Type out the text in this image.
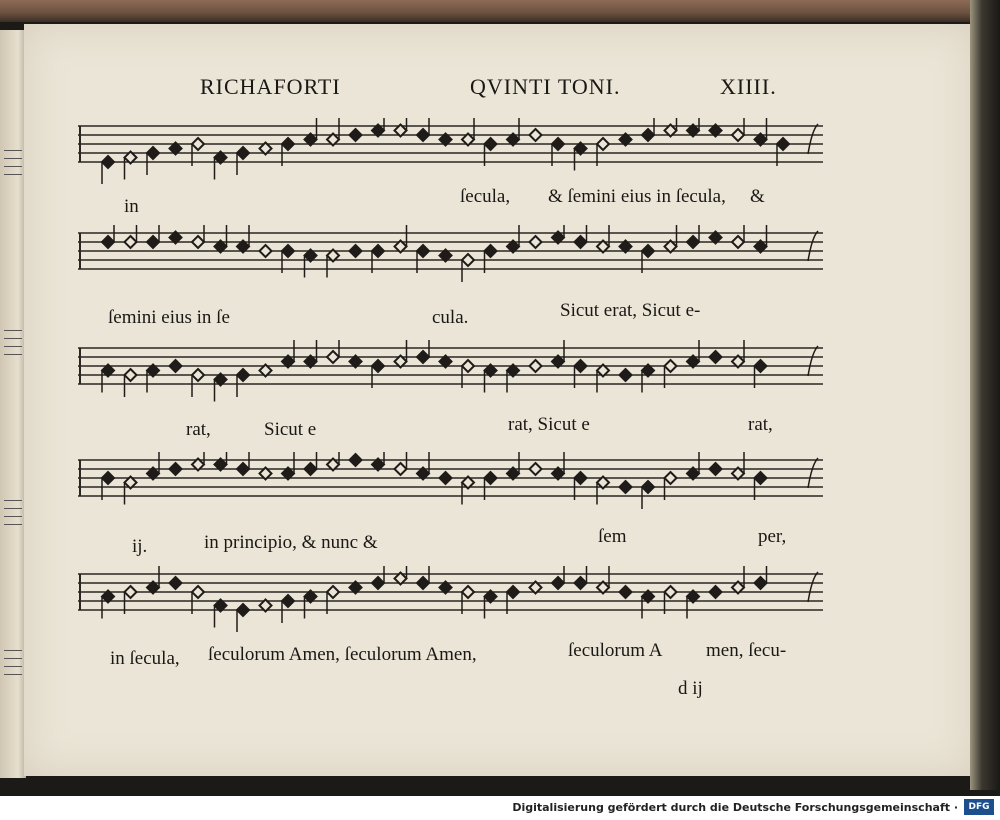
RICHAFORTI	QVINTI TONI.	XIIII.
in	ſecula, & ſemini eius in ſecula, &
ſemini eius in ſe	cula.	Sicut erat, Sicut e-
rat,	Sicut e	rat, Sicut e	rat,
ij.	in principio, & nunc &	ſem	per,
in ſecula, ſeculorum Amen, ſeculorum Amen,	ſeculorum A men, ſecu-
d ij
Digitalisierung gefördert durch die Deutsche Forschungsgemeinschaft ·	DFG
